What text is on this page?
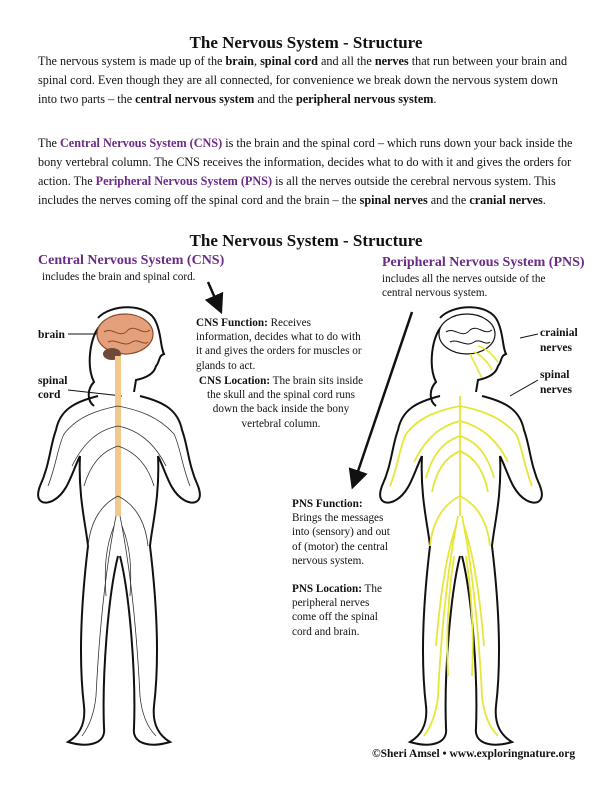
The Nervous System - Structure

The nervous system is made up of the brain, spinal cord and all the nerves that run between your brain and spinal cord. Even though they are all connected, for convenience we break down the nervous system down into two parts – the central nervous system and the peripheral nervous system.

The Central Nervous System (CNS) is the brain and the spinal cord – which runs down your back inside the bony vertebral column. The CNS receives the information, decides what to do with it and gives the orders for action. The Peripheral Nervous System (PNS) is all the nerves outside the cerebral nervous system. This includes the nerves coming off the spinal cord and the brain – the spinal nerves and the cranial nerves.

The Nervous System - Structure
Central Nervous System (CNS)
includes the brain and spinal cord.
brain
spinal
cord
CNS Function: Receives information, decides what to do with it and gives the orders for muscles or glands to act.
CNS Location: The brain sits inside the skull and the spinal cord runs down the back inside the bony vertebral column.
Peripheral Nervous System (PNS)
includes all the nerves outside of the
central nervous system.
crainial
nerves
spinal
nerves
PNS Function: Brings the messages into (sensory) and out of (motor) the central nervous system.
PNS Location: The peripheral nerves come off the spinal cord and brain.
©Sheri Amsel • www.exploringnature.org
